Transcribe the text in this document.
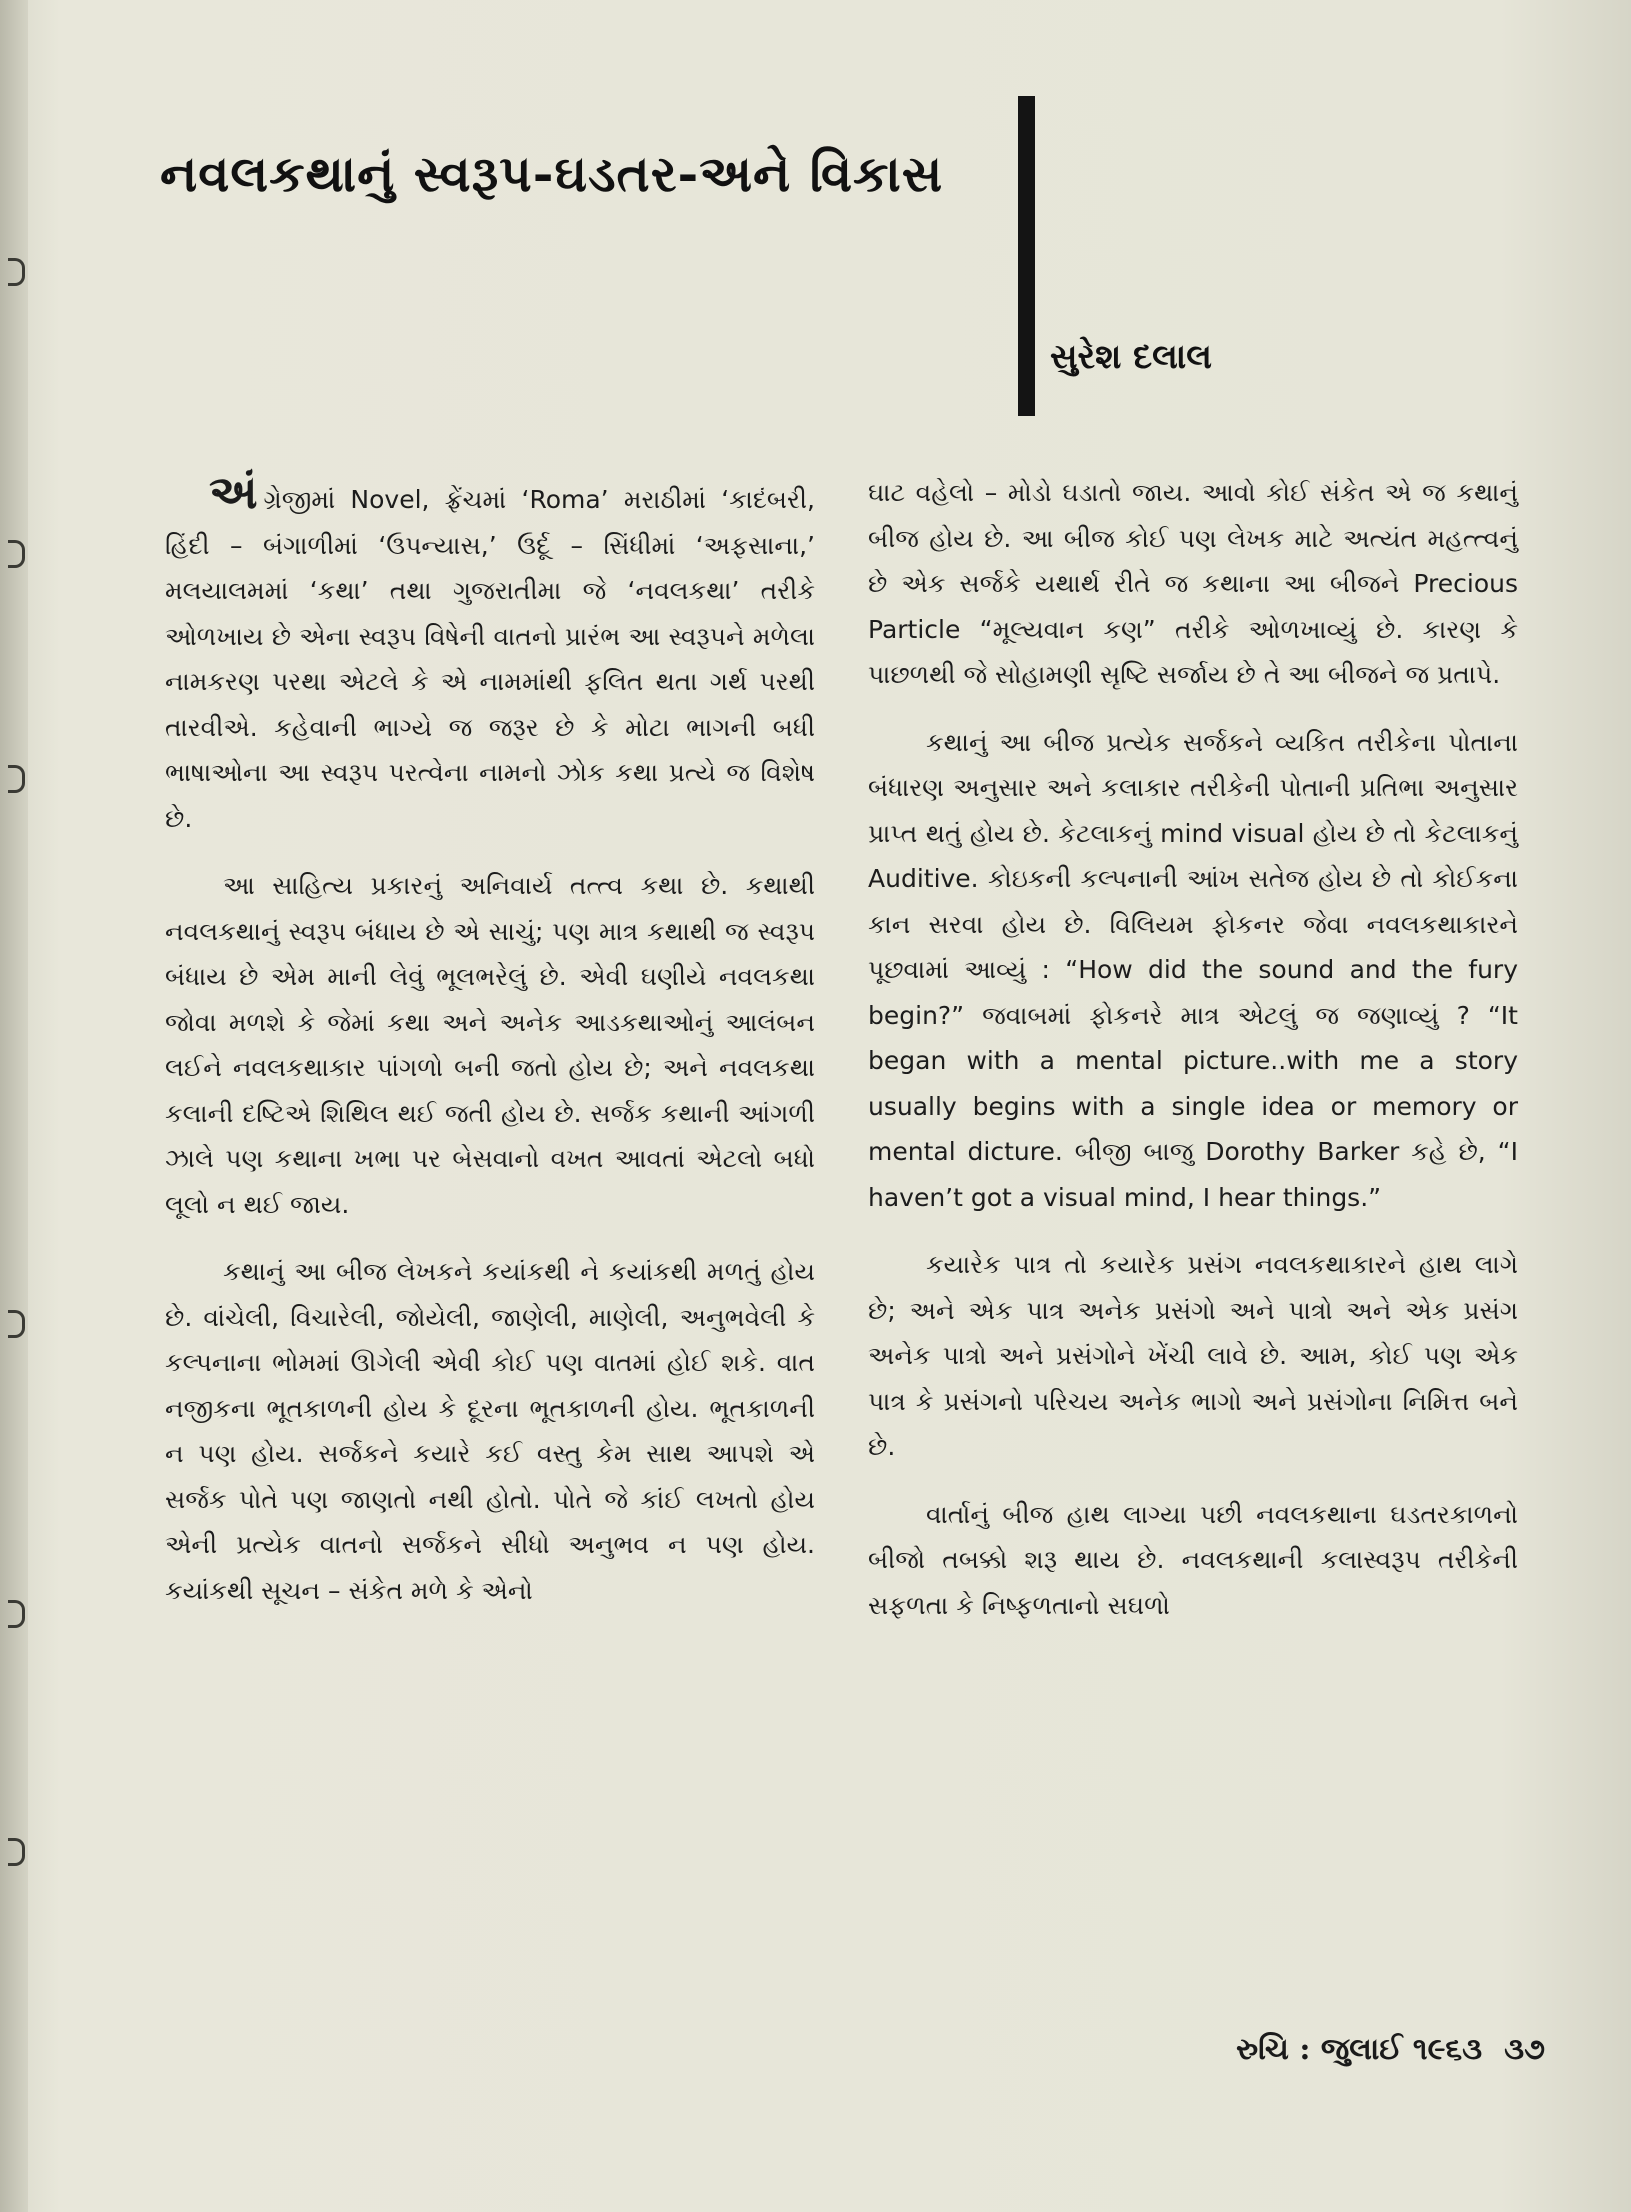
નવલકથાનું સ્વરૂપ-ઘડતર-અને વિકાસ
સુરેશ દલાલ

અંગ્રેજીમાં Novel, ફ્રેંચમાં ‘Roma’ મરાઠીમાં ‘કાદંબરી, હિંદી – બંગાળીમાં ‘ઉપન્યાસ,’ ઉર્દૂ – સિંધીમાં ‘અફસાના,’ મલયાલમમાં ‘કથા’ તથા ગુજરાતીમા જે ‘નવલકથા’ તરીકે ઓળખાય છે એના સ્વરૂપ વિષેની વાતનો પ્રારંભ આ સ્વરૂપને મળેલા નામકરણ પરથા એટલે કે એ નામમાંથી ફલિત થતા ગર્થ પરથી તારવીએ. કહેવાની ભાગ્યે જ જરૂર છે કે મોટા ભાગની બધી ભાષાઓના આ સ્વરૂપ પરત્વેના નામનો ઝોક કથા પ્રત્યે જ વિશેષ છે.

આ સાહિત્ય પ્રકારનું અનિવાર્ય તત્ત્વ કથા છે. કથાથી નવલકથાનું સ્વરૂપ બંધાય છે એ સાચું; પણ માત્ર કથાથી જ સ્વરૂપ બંધાય છે એમ માની લેવું ભૂલભરેલું છે. એવી ઘણીયે નવલકથા જોવા મળશે કે જેમાં કથા અને અનેક આડકથાઓનું આલંબન લઈને નવલકથાકાર પાંગળો બની જતો હોય છે; અને નવલકથા કલાની દષ્ટિએ શિથિલ થઈ જતી હોય છે. સર્જક કથાની આંગળી ઝાલે પણ કથાના ખભા પર બેસવાનો વખત આવતાં એટલો બધો લૂલો ન થઈ જાય.

કથાનું આ બીજ લેખકને કયાંકથી ને કયાંકથી મળતું હોય છે. વાંચેલી, વિચારેલી, જોયેલી, જાણેલી, માણેલી, અનુભવેલી કે કલ્પનાના ભોમમાં ઊગેલી એવી કોઈ પણ વાતમાં હોઈ શકે. વાત નજીકના ભૂતકાળની હોય કે દૂરના ભૂતકાળની હોય. ભૂતકાળની ન પણ હોય. સર્જકને કયારે કઈ વસ્તુ કેમ સાથ આપશે એ સર્જક પોતે પણ જાણતો નથી હોતો. પોતે જે કાંઈ લખતો હોય એની પ્રત્યેક વાતનો સર્જકને સીધો અનુભવ ન પણ હોય. કયાંકથી સૂચન – સંકેત મળે કે એનો

ઘાટ વહેલો – મોડો ઘડાતો જાય. આવો કોઈ સંકેત એ જ કથાનું બીજ હોય છે. આ બીજ કોઈ પણ લેખક માટે અત્યંત મહત્ત્વનું છે એક સર્જકે યથાર્થ રીતે જ કથાના આ બીજને Precious Particle “મૂલ્યવાન કણ” તરીકે ઓળખાવ્યું છે. કારણ કે પાછળથી જે સોહામણી સૃષ્ટિ સર્જાય છે તે આ બીજને જ પ્રતાપે.

કથાનું આ બીજ પ્રત્યેક સર્જકને વ્યકિત તરીકેના પોતાના બંધારણ અનુસાર અને કલાકાર તરીકેની પોતાની પ્રતિભા અનુસાર પ્રાપ્ત થતું હોય છે. કેટલાકનું mind visual હોય છે તો કેટલાકનું Auditive. કોઇકની કલ્પનાની આંખ સતેજ હોય છે તો કોઈકના કાન સરવા હોય છે. વિલિયમ ફોકનર જેવા નવલકથાકારને પૂછવામાં આવ્યું : “How did the sound and the fury begin?” જવાબમાં ફોકનરે માત્ર એટલું જ જણાવ્યું ? “It began with a mental picture..with me a story usually begins with a single idea or memory or mental dicture. બીજી બાજુ Dorothy Barker કહે છે, “I haven’t got a visual mind, I hear things.”

કયારેક પાત્ર તો કયારેક પ્રસંગ નવલકથાકારને હાથ લાગે છે; અને એક પાત્ર અનેક પ્રસંગો અને પાત્રો અને એક પ્રસંગ અનેક પાત્રો અને પ્રસંગોને ખેંચી લાવે છે. આમ, કોઈ પણ એક પાત્ર કે પ્રસંગનો પરિચય અનેક ભાગો અને પ્રસંગોના નિમિત્ત બને છે.

વાર્તાનું બીજ હાથ લાગ્યા પછી નવલકથાના ઘડતરકાળનો બીજો તબક્કો શરૂ થાય છે. નવલકથાની કલાસ્વરૂપ તરીકેની સફળતા કે નિષ્ફળતાનો સઘળો

રુચિ : જુલાઈ ૧૯૬૩ ૩૭
